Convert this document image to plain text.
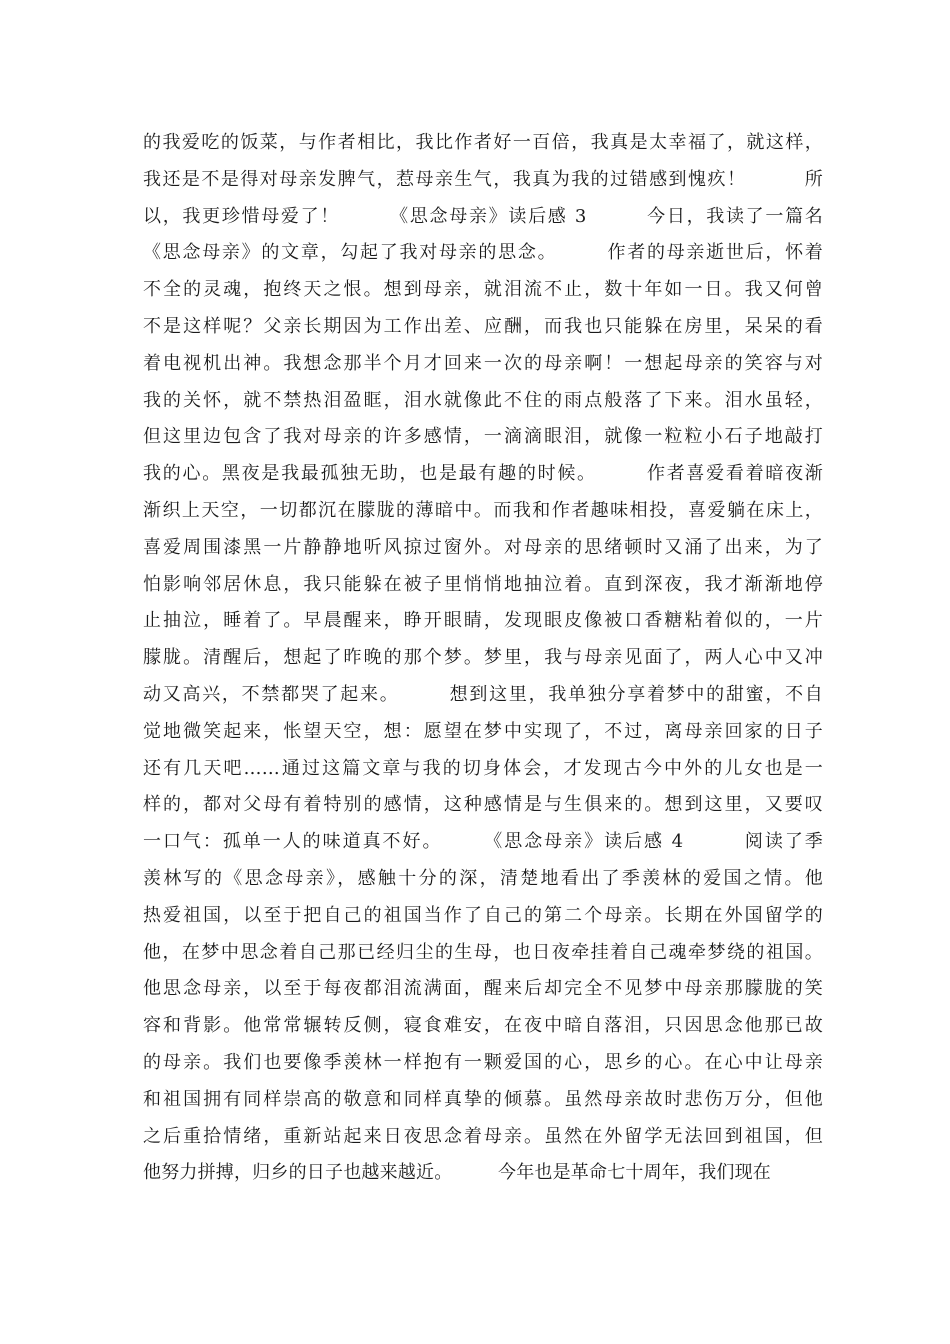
的我爱吃的饭菜，与作者相比，我比作者好一百倍，我真是太幸福了，就这样，
我还是不是得对母亲发脾气，惹母亲生气，我真为我的过错感到愧疚！　　　所
以，我更珍惜母爱了！　　　《思念母亲》读后感 3　　　今日，我读了一篇名
《思念母亲》的文章，勾起了我对母亲的思念。　　　作者的母亲逝世后，怀着
不全的灵魂，抱终天之恨。想到母亲，就泪流不止，数十年如一日。我又何曾
不是这样呢？父亲长期因为工作出差、应酬，而我也只能躲在房里，呆呆的看
着电视机出神。我想念那半个月才回来一次的母亲啊！一想起母亲的笑容与对
我的关怀，就不禁热泪盈眶，泪水就像此不住的雨点般落了下来。泪水虽轻，
但这里边包含了我对母亲的许多感情，一滴滴眼泪，就像一粒粒小石子地敲打
我的心。黑夜是我最孤独无助，也是最有趣的时候。　　　作者喜爱看着暗夜渐
渐织上天空，一切都沉在朦胧的薄暗中。而我和作者趣味相投，喜爱躺在床上，
喜爱周围漆黑一片静静地听风掠过窗外。对母亲的思绪顿时又涌了出来，为了
怕影响邻居休息，我只能躲在被子里悄悄地抽泣着。直到深夜，我才渐渐地停
止抽泣，睡着了。早晨醒来，睁开眼睛，发现眼皮像被口香糖粘着似的，一片
朦胧。清醒后，想起了昨晚的那个梦。梦里，我与母亲见面了，两人心中又冲
动又高兴，不禁都哭了起来。　　　想到这里，我单独分享着梦中的甜蜜，不自
觉地微笑起来，怅望天空，想：愿望在梦中实现了，不过，离母亲回家的日子
还有几天吧……通过这篇文章与我的切身体会，才发现古今中外的儿女也是一
样的，都对父母有着特别的感情，这种感情是与生俱来的。想到这里，又要叹
一口气：孤单一人的味道真不好。　　　《思念母亲》读后感 4　　　阅读了季
羡林写的《思念母亲》，感触十分的深，清楚地看出了季羡林的爱国之情。他
热爱祖国，以至于把自己的祖国当作了自己的第二个母亲。长期在外国留学的
他，在梦中思念着自己那已经归尘的生母，也日夜牵挂着自己魂牵梦绕的祖国。
他思念母亲，以至于每夜都泪流满面，醒来后却完全不见梦中母亲那朦胧的笑
容和背影。他常常辗转反侧，寝食难安，在夜中暗自落泪，只因思念他那已故
的母亲。我们也要像季羡林一样抱有一颗爱国的心，思乡的心。在心中让母亲
和祖国拥有同样崇高的敬意和同样真挚的倾慕。虽然母亲故时悲伤万分，但他
之后重拾情绪，重新站起来日夜思念着母亲。虽然在外留学无法回到祖国，但
他努力拼搏，归乡的日子也越来越近。　　　今年也是革命七十周年，我们现在
